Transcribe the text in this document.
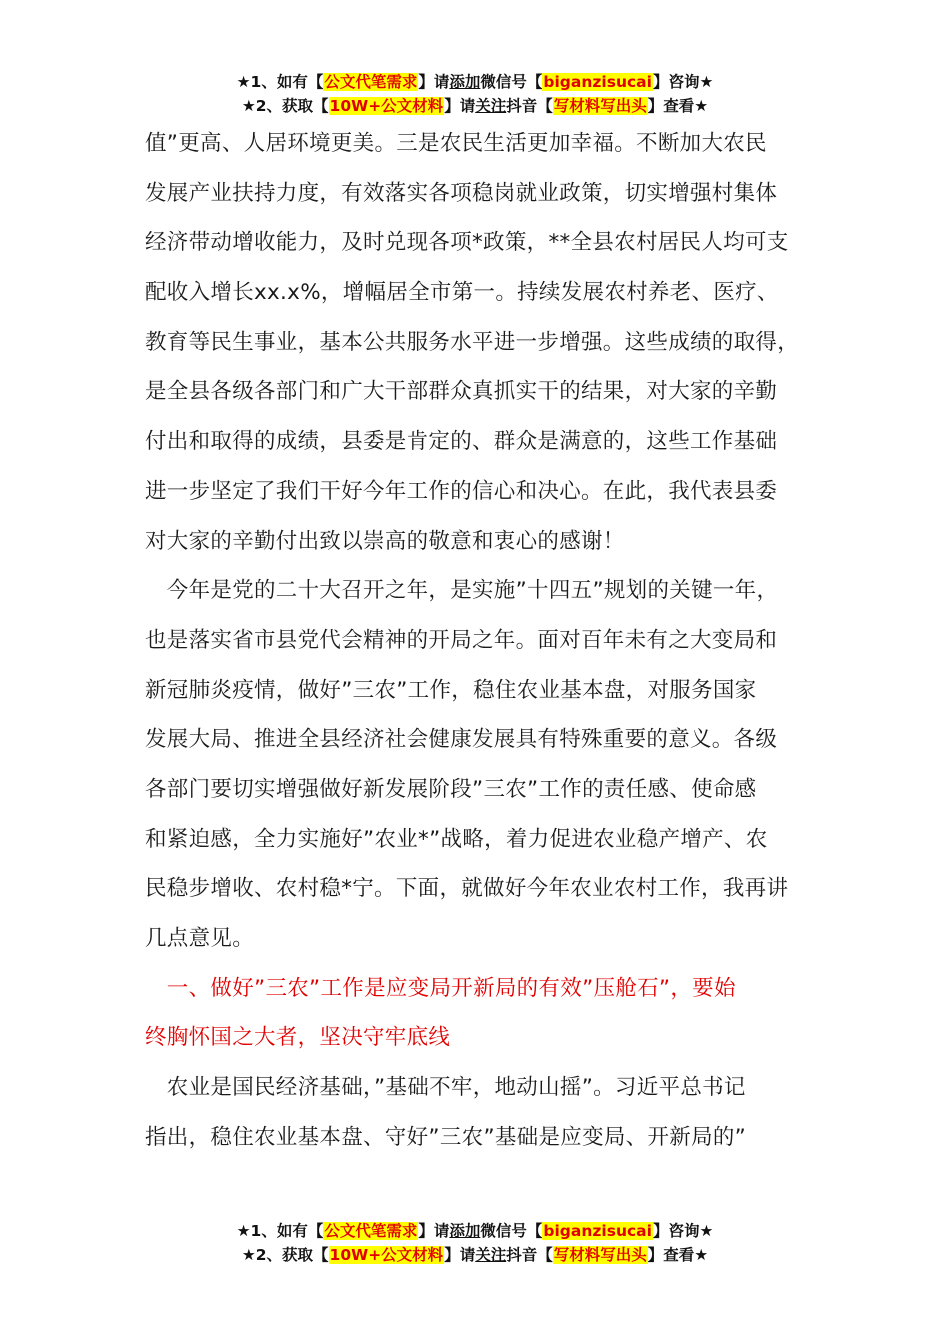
★1、如有【公文代笔需求】请添加微信号【biganzisucai】咨询★
★2、获取【10W+公文材料】请关注抖音【写材料写出头】查看★
值”更高、人居环境更美。三是农民生活更加幸福。不断加大农民
发展产业扶持力度，有效落实各项稳岗就业政策，切实增强村集体
经济带动增收能力，及时兑现各项*政策，**全县农村居民人均可支
配收入增长xx.x%，增幅居全市第一。持续发展农村养老、医疗、
教育等民生事业，基本公共服务水平进一步增强。这些成绩的取得，
是全县各级各部门和广大干部群众真抓实干的结果，对大家的辛勤
付出和取得的成绩，县委是肯定的、群众是满意的，这些工作基础
进一步坚定了我们干好今年工作的信心和决心。在此，我代表县委
对大家的辛勤付出致以崇高的敬意和衷心的感谢！
　今年是党的二十大召开之年，是实施”十四五”规划的关键一年，
也是落实省市县党代会精神的开局之年。面对百年未有之大变局和
新冠肺炎疫情，做好”三农”工作，稳住农业基本盘，对服务国家
发展大局、推进全县经济社会健康发展具有特殊重要的意义。各级
各部门要切实增强做好新发展阶段”三农”工作的责任感、使命感
和紧迫感，全力实施好”农业*”战略，着力促进农业稳产增产、农
民稳步增收、农村稳*宁。下面，就做好今年农业农村工作，我再讲
几点意见。
　一、做好”三农”工作是应变局开新局的有效”压舱石”，要始
终胸怀国之大者，坚决守牢底线
　农业是国民经济基础，”基础不牢，地动山摇”。习近平总书记
指出，稳住农业基本盘、守好”三农”基础是应变局、开新局的”
★1、如有【公文代笔需求】请添加微信号【biganzisucai】咨询★
★2、获取【10W+公文材料】请关注抖音【写材料写出头】查看★
